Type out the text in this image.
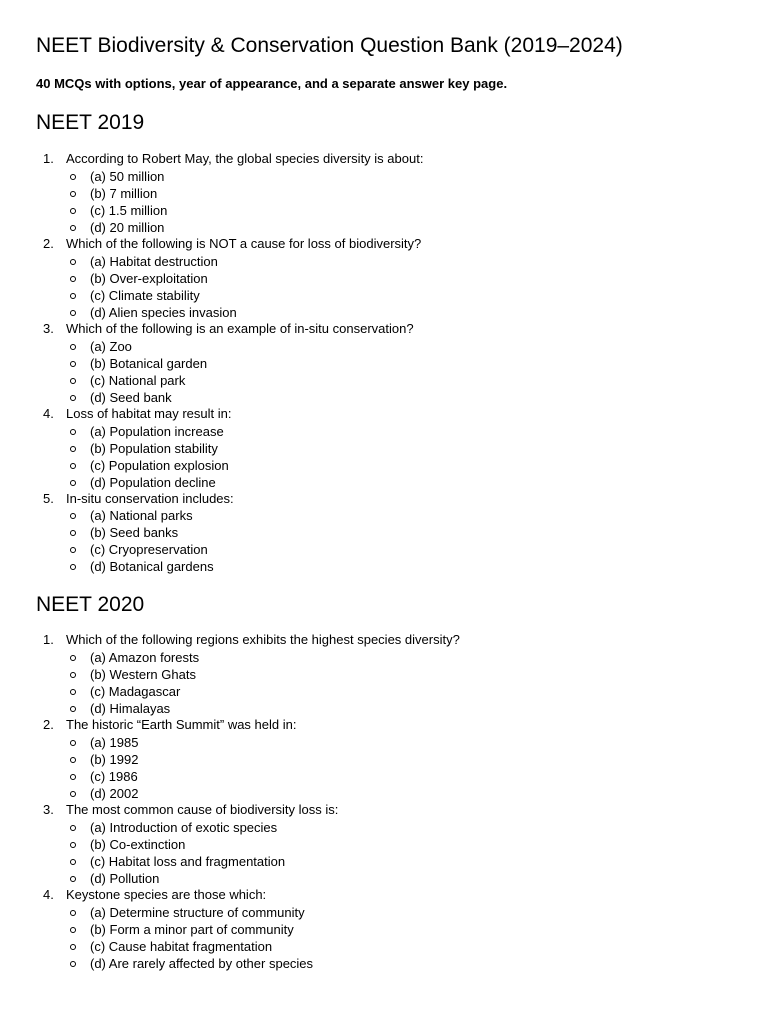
NEET Biodiversity & Conservation Question Bank (2019–2024)

40 MCQs with options, year of appearance, and a separate answer key page.

NEET 2019
1. According to Robert May, the global species diversity is about:
(a) 50 million
(b) 7 million
(c) 1.5 million
(d) 20 million
2. Which of the following is NOT a cause for loss of biodiversity?
(a) Habitat destruction
(b) Over-exploitation
(c) Climate stability
(d) Alien species invasion
3. Which of the following is an example of in-situ conservation?
(a) Zoo
(b) Botanical garden
(c) National park
(d) Seed bank
4. Loss of habitat may result in:
(a) Population increase
(b) Population stability
(c) Population explosion
(d) Population decline
5. In-situ conservation includes:
(a) National parks
(b) Seed banks
(c) Cryopreservation
(d) Botanical gardens
NEET 2020
1. Which of the following regions exhibits the highest species diversity?
(a) Amazon forests
(b) Western Ghats
(c) Madagascar
(d) Himalayas
2. The historic “Earth Summit” was held in:
(a) 1985
(b) 1992
(c) 1986
(d) 2002
3. The most common cause of biodiversity loss is:
(a) Introduction of exotic species
(b) Co-extinction
(c) Habitat loss and fragmentation
(d) Pollution
4. Keystone species are those which:
(a) Determine structure of community
(b) Form a minor part of community
(c) Cause habitat fragmentation
(d) Are rarely affected by other species
